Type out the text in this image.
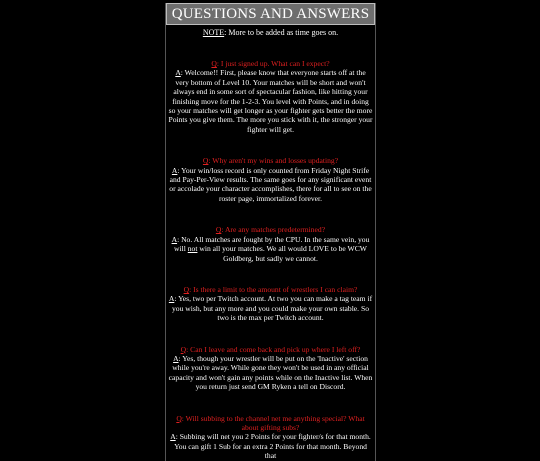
QUESTIONS AND ANSWERS
NOTE: More to be added as time goes on.
Q: I just signed up. What can I expect?
A: Welcome!! First, please know that everyone starts off at the very bottom of Level 10. Your matches will be short and won't always end in some sort of spectacular fashion, like hitting your finishing move for the 1-2-3. You level with Points, and in doing so your matches will get longer as your fighter gets better the more Points you give them. The more you stick with it, the stronger your fighter will get.
Q: Why aren't my wins and losses updating?
A: Your win/loss record is only counted from Friday Night Strife and Pay-Per-View results. The same goes for any significant event or accolade your character accomplishes, there for all to see on the roster page, immortalized forever.
Q: Are any matches predetermined?
A: No. All matches are fought by the CPU. In the same vein, you will not win all your matches. We all would LOVE to be WCW Goldberg, but sadly we cannot.
Q: Is there a limit to the amount of wrestlers I can claim?
A: Yes, two per Twitch account. At two you can make a tag team if you wish, but any more and you could make your own stable. So two is the max per Twitch account.
Q: Can I leave and come back and pick up where I left off?
A: Yes, though your wrestler will be put on the 'Inactive' section while you're away. While gone they won't be used in any official capacity and won't gain any points while on the Inactive list. When you return just send GM Ryken a tell on Discord.
Q: Will subbing to the channel net me anything special? What about gifting subs?
A: Subbing will net you 2 Points for your fighter/s for that month. You can gift 1 Sub for an extra 2 Points for that month. Beyond that
